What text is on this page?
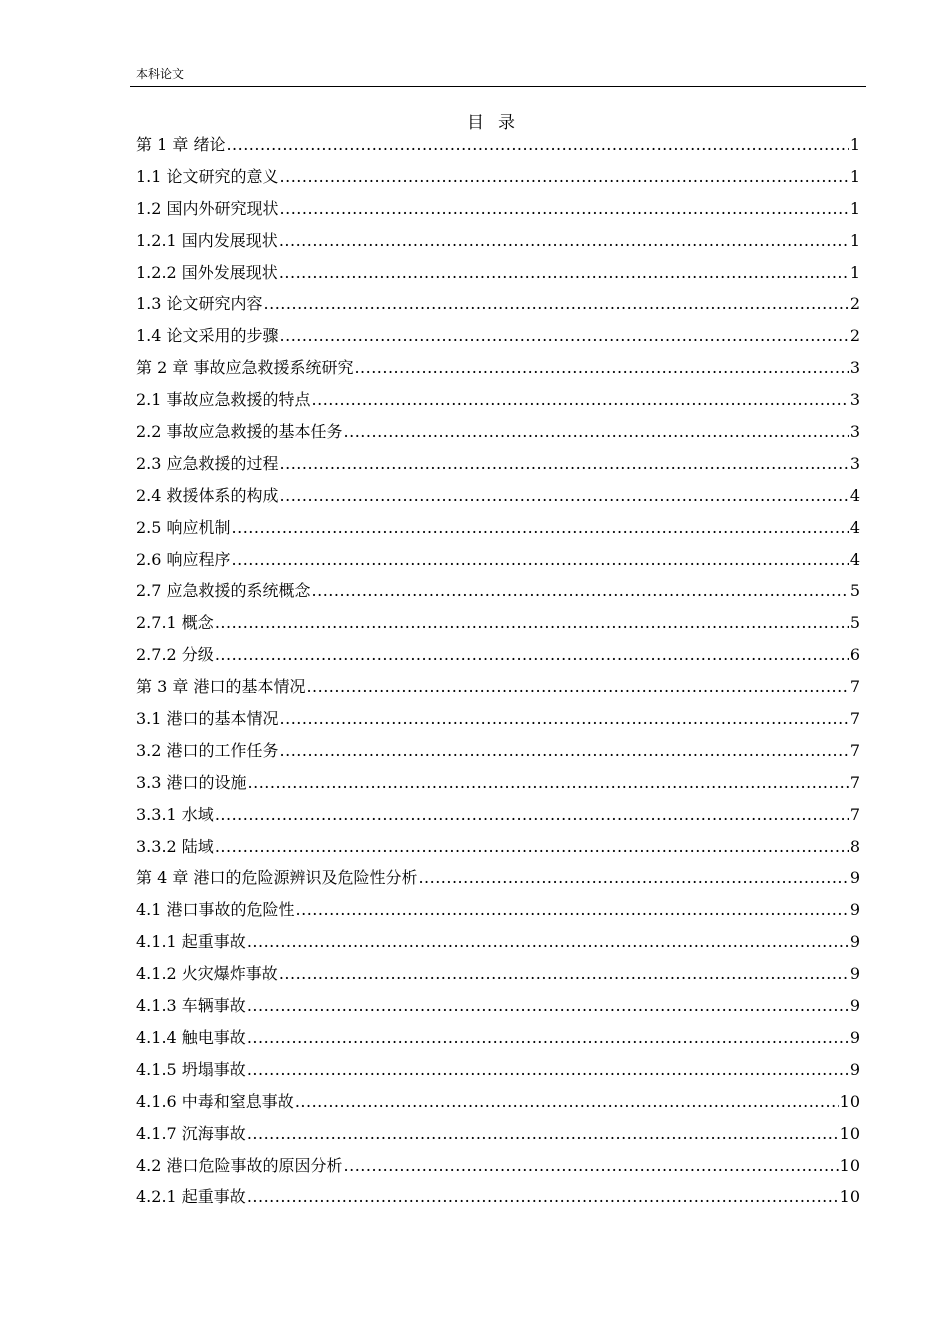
本科论文
目录
第 1 章 绪论 .....	1
1.1 论文研究的意义 .....	1
1.2 国内外研究现状 .....	1
1.2.1 国内发展现状 .....	1
1.2.2 国外发展现状 .....	1
1.3 论文研究内容 .....	2
1.4 论文采用的步骤 .....	2
第 2 章 事故应急救援系统研究 .....	3
2.1 事故应急救援的特点 .....	3
2.2 事故应急救援的基本任务 .....	3
2.3 应急救援的过程 .....	3
2.4 救援体系的构成 .....	4
2.5 响应机制 .....	4
2.6 响应程序 .....	4
2.7 应急救援的系统概念 .....	5
2.7.1 概念 .....	5
2.7.2 分级 .....	6
第 3 章 港口的基本情况 .....	7
3.1 港口的基本情况 .....	7
3.2 港口的工作任务 .....	7
3.3 港口的设施 .....	7
3.3.1 水域 .....	7
3.3.2 陆域 .....	8
第 4 章 港口的危险源辨识及危险性分析 .....	9
4.1 港口事故的危险性 .....	9
4.1.1 起重事故 .....	9
4.1.2 火灾爆炸事故 .....	9
4.1.3 车辆事故 .....	9
4.1.4 触电事故 .....	9
4.1.5 坍塌事故 .....	9
4.1.6 中毒和窒息事故 .....	10
4.1.7 沉海事故 .....	10
4.2 港口危险事故的原因分析 .....	10
4.2.1 起重事故 .....	10
